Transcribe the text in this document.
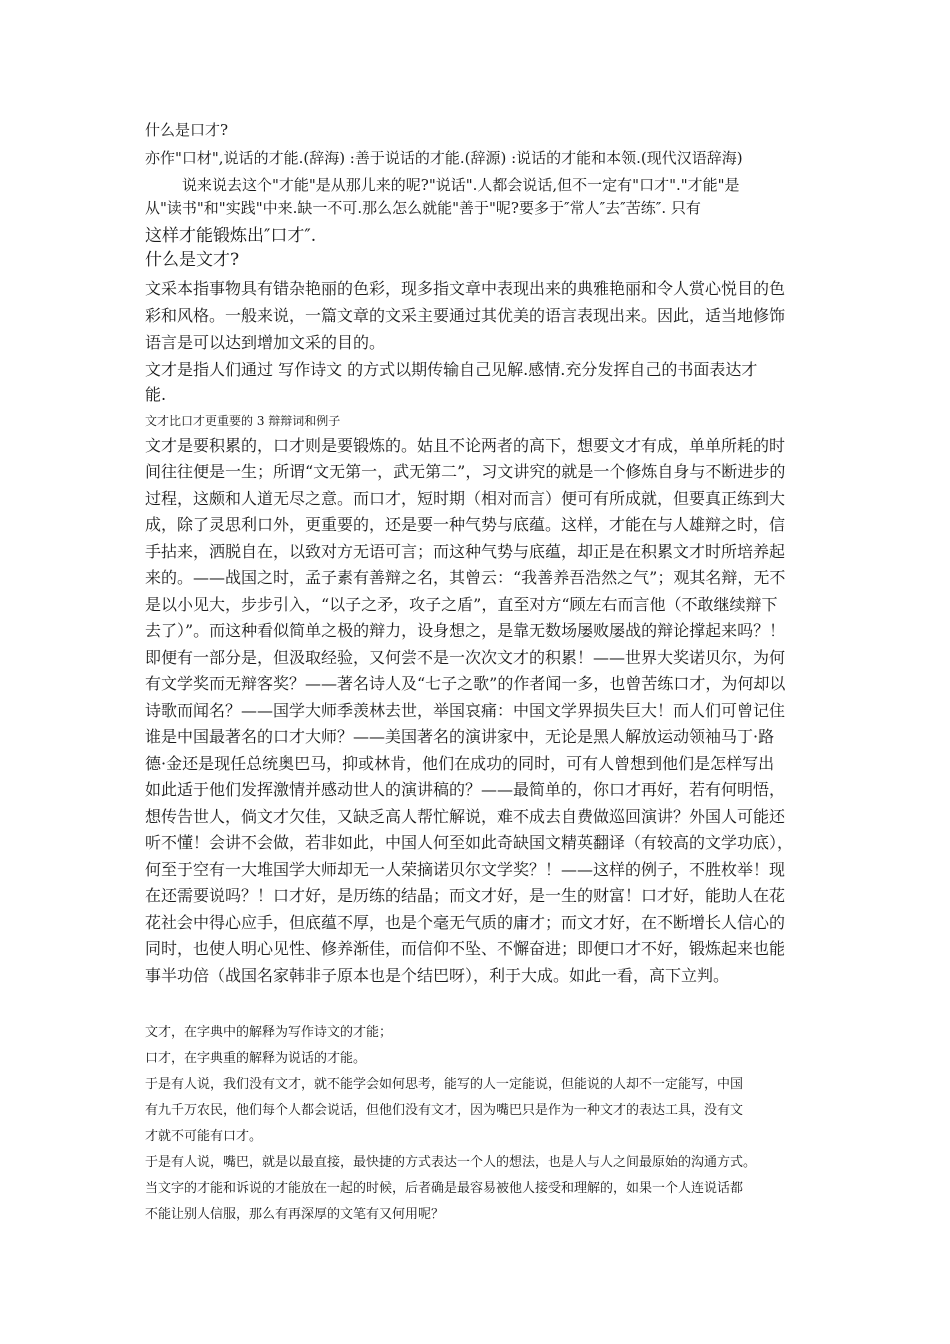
什么是口才?
亦作"口材",说话的才能.(辞海) :善于说话的才能.(辞源) :说话的才能和本领.(现代汉语辞海)
说来说去这个"才能"是从那儿来的呢?"说话".人都会说话,但不一定有"口才"."才能"是
从"读书"和"实践"中来.缺一不可.那么怎么就能"善于"呢?要多于″常人″去″苦练″. 只有
这样才能锻炼出″口才″.
什么是文才?
文采本指事物具有错杂艳丽的色彩，现多指文章中表现出来的典雅艳丽和令人赏心悦目的色
彩和风格。一般来说，一篇文章的文采主要通过其优美的语言表现出来。因此，适当地修饰
语言是可以达到增加文采的目的。
文才是指人们通过 写作诗文 的方式以期传输自己见解.感情.充分发挥自己的书面表达才
能.
文才比口才更重要的 3 辩辩词和例子
文才是要积累的，口才则是要锻炼的。姑且不论两者的高下，想要文才有成，单单所耗的时
间往往便是一生；所谓“文无第一，武无第二”，习文讲究的就是一个修炼自身与不断进步的
过程，这颇和人道无尽之意。而口才，短时期（相对而言）便可有所成就，但要真正练到大
成，除了灵思利口外，更重要的，还是要一种气势与底蕴。这样，才能在与人雄辩之时，信
手拈来，洒脱自在，以致对方无语可言；而这种气势与底蕴，却正是在积累文才时所培养起
来的。——战国之时，孟子素有善辩之名，其曾云：“我善养吾浩然之气”；观其名辩，无不
是以小见大，步步引入，“以子之矛，攻子之盾”，直至对方“顾左右而言他（不敢继续辩下
去了）”。而这种看似简单之极的辩力，设身想之，是靠无数场屡败屡战的辩论撑起来吗？！
即便有一部分是，但汲取经验，又何尝不是一次次文才的积累！——世界大奖诺贝尔，为何
有文学奖而无辩客奖？——著名诗人及“七子之歌”的作者闻一多，也曾苦练口才，为何却以
诗歌而闻名？——国学大师季羡林去世，举国哀痛：中国文学界损失巨大！而人们可曾记住
谁是中国最著名的口才大师？——美国著名的演讲家中，无论是黑人解放运动领袖马丁·路
德·金还是现任总统奥巴马，抑或林肯，他们在成功的同时，可有人曾想到他们是怎样写出
如此适于他们发挥激情并感动世人的演讲稿的？——最简单的，你口才再好，若有何明悟，
想传告世人，倘文才欠佳，又缺乏高人帮忙解说，难不成去自费做巡回演讲？外国人可能还
听不懂！会讲不会做，若非如此，中国人何至如此奇缺国文精英翻译（有较高的文学功底），
何至于空有一大堆国学大师却无一人荣摘诺贝尔文学奖？！——这样的例子，不胜枚举！现
在还需要说吗？！口才好，是历练的结晶；而文才好，是一生的财富！口才好，能助人在花
花社会中得心应手，但底蕴不厚，也是个毫无气质的庸才；而文才好，在不断增长人信心的
同时，也使人明心见性、修养渐佳，而信仰不坠、不懈奋进；即便口才不好，锻炼起来也能
事半功倍（战国名家韩非子原本也是个结巴呀），利于大成。如此一看，高下立判。
文才，在字典中的解释为写作诗文的才能；
口才，在字典重的解释为说话的才能。
于是有人说，我们没有文才，就不能学会如何思考，能写的人一定能说，但能说的人却不一定能写，中国
有九千万农民，他们每个人都会说话，但他们没有文才，因为嘴巴只是作为一种文才的表达工具，没有文
才就不可能有口才。
于是有人说，嘴巴，就是以最直接，最快捷的方式表达一个人的想法，也是人与人之间最原始的沟通方式。
当文字的才能和诉说的才能放在一起的时候，后者确是最容易被他人接受和理解的，如果一个人连说话都
不能让别人信服，那么有再深厚的文笔有又何用呢？
